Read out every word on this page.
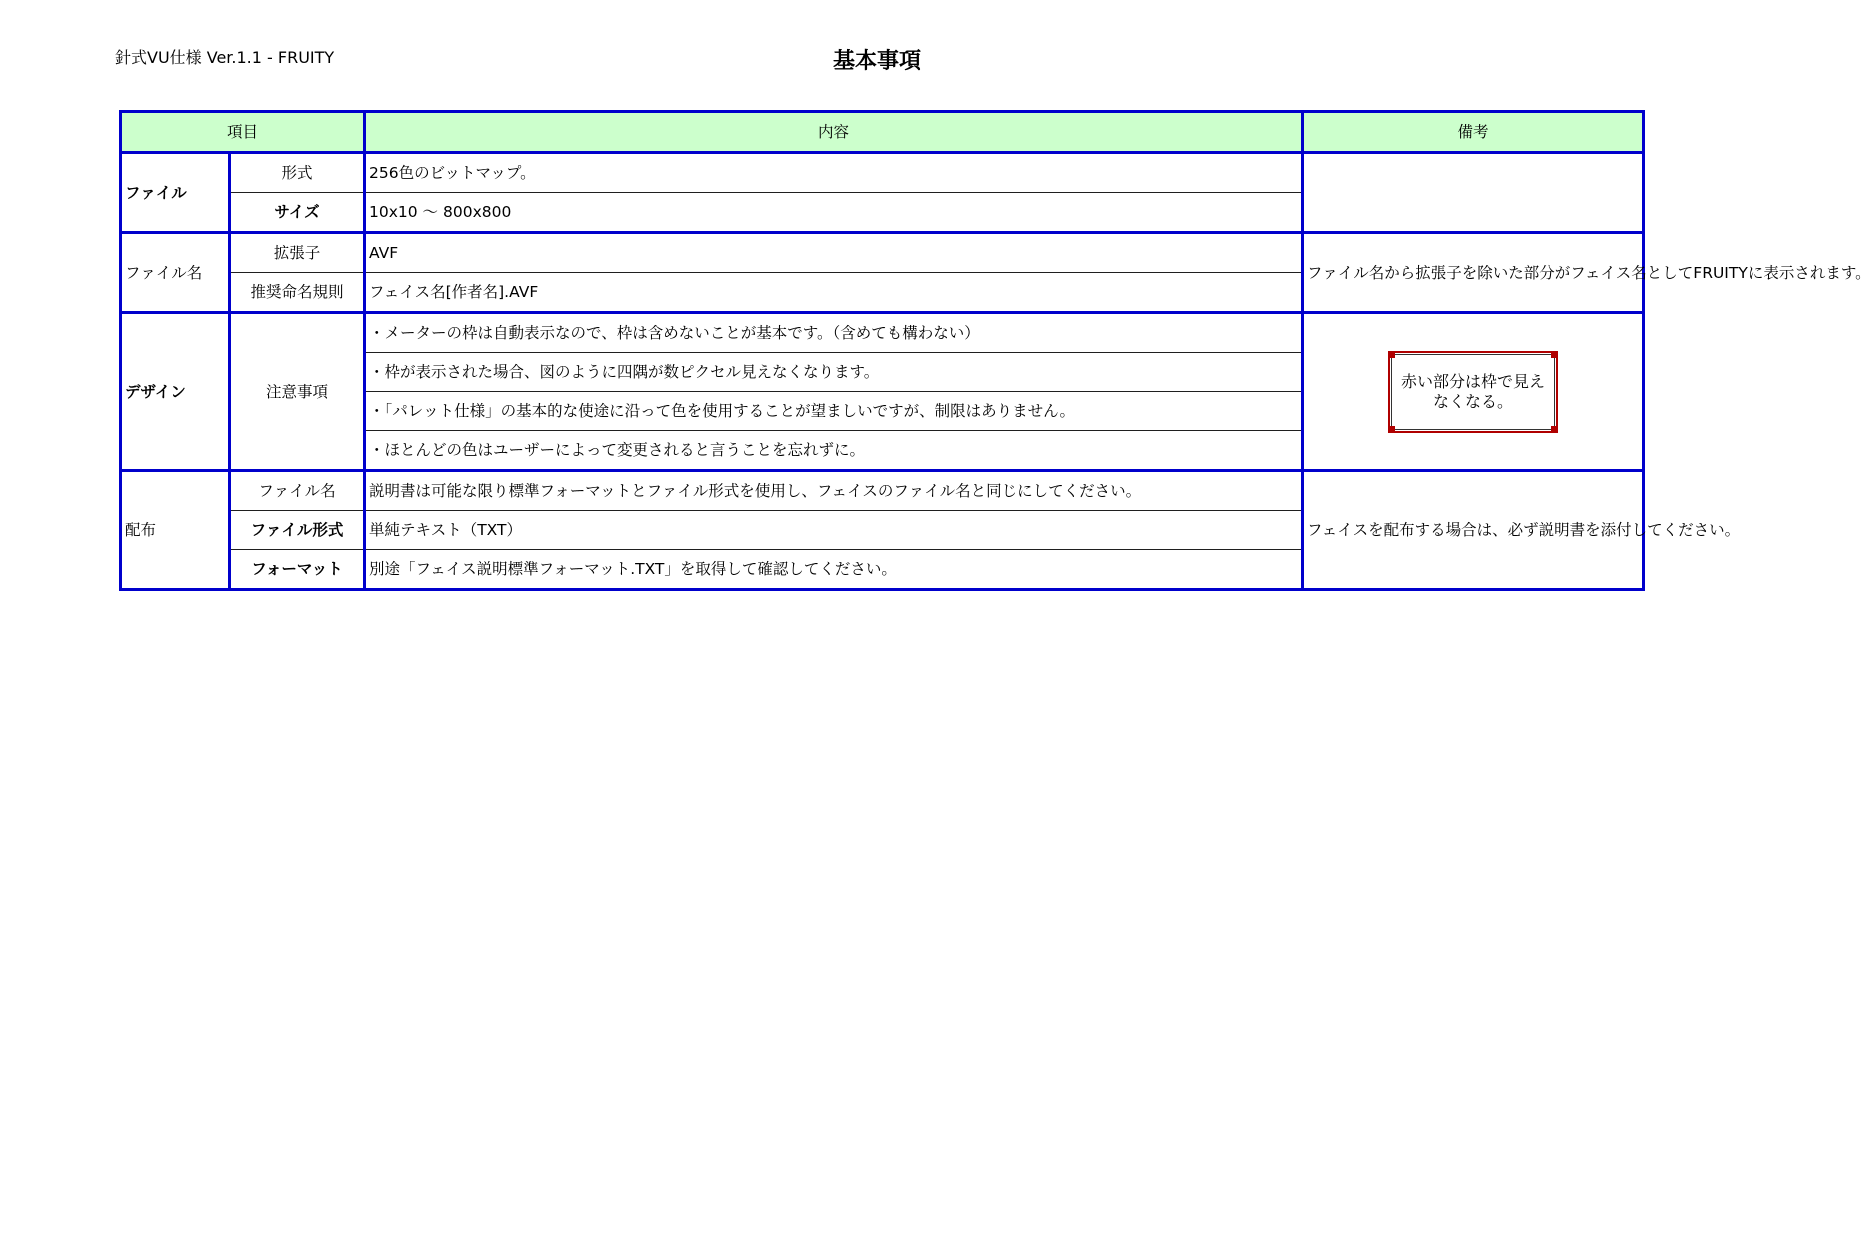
針式VU仕様 Ver.1.1 - FRUITY	基本事項
項目		内容	備考
ファイル	形式	256色のビットマップ。	
	サイズ	10x10 〜 800x800	
ファイル名	拡張子	AVF	ファイル名から拡張子を除いた部分がフェイス名としてFRUITYに表示されます。
	推奨命名規則	フェイス名[作者名].AVF	
デザイン	注意事項	・メーターの枠は自動表示なので、枠は含めないことが基本です。（含めても構わない）	赤い部分は枠で見えなくなる。

		・枠が表示された場合、図のように四隅が数ピクセル見えなくなります。	
		・「パレット仕様」の基本的な使途に沿って色を使用することが望ましいですが、制限はありません。	
		・ほとんどの色はユーザーによって変更されると言うことを忘れずに。	
配布	ファイル名	説明書は可能な限り標準フォーマットとファイル形式を使用し、フェイスのファイル名と同じにしてください。	フェイスを配布する場合は、必ず説明書を添付してください。
	ファイル形式	単純テキスト（TXT）	
	フォーマット	別途「フェイス説明標準フォーマット.TXT」を取得して確認してください。	
